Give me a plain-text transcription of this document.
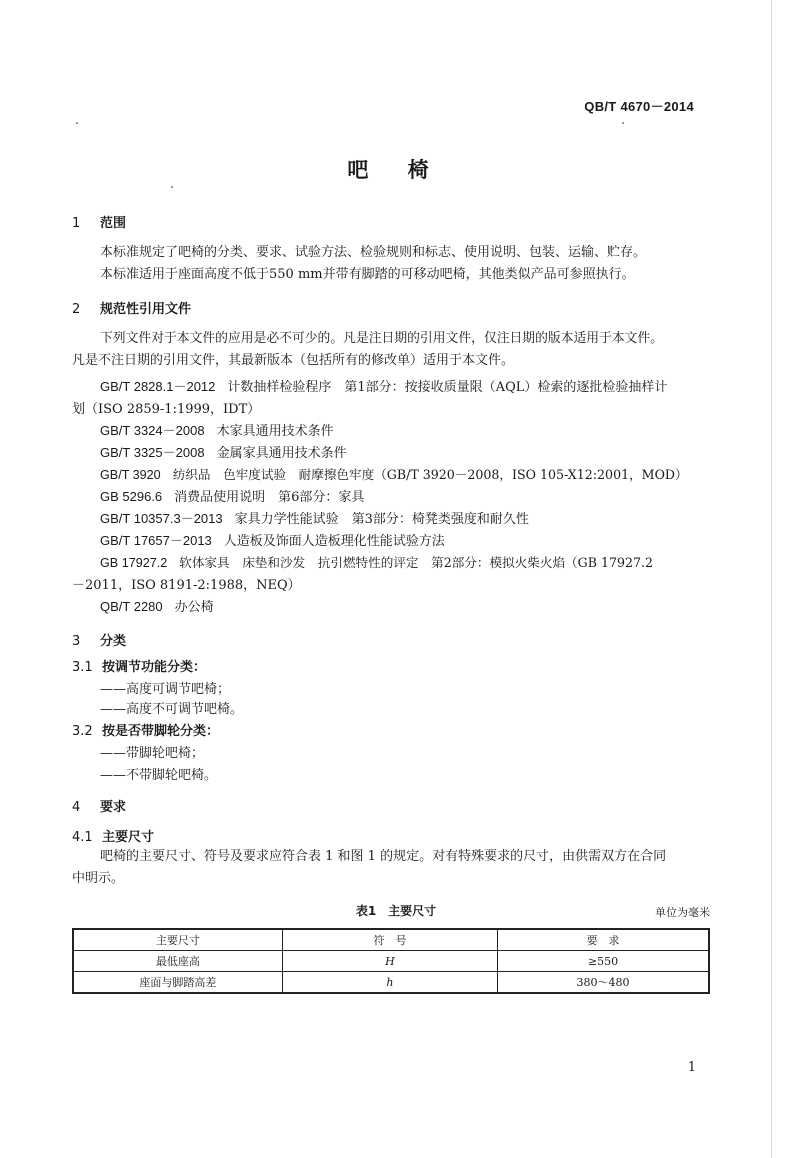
QB/T 4670－2014
吧 椅
1 范围
本标准规定了吧椅的分类、要求、试验方法、检验规则和标志、使用说明、包装、运输、贮存。
本标准适用于座面高度不低于550 mm并带有脚踏的可移动吧椅，其他类似产品可参照执行。
2 规范性引用文件
下列文件对于本文件的应用是必不可少的。凡是注日期的引用文件，仅注日期的版本适用于本文件。
凡是不注日期的引用文件，其最新版本（包括所有的修改单）适用于本文件。
GB/T 2828.1－2012 计数抽样检验程序　第1部分：按接收质量限（AQL）检索的逐批检验抽样计
划（ISO 2859-1:1999，IDT）
GB/T 3324－2008 木家具通用技术条件
GB/T 3325－2008 金属家具通用技术条件
GB/T 3920 纺织品　色牢度试验　耐摩擦色牢度（GB/T 3920－2008，ISO 105-X12:2001，MOD）
GB 5296.6 消费品使用说明　第6部分：家具
GB/T 10357.3－2013 家具力学性能试验　第3部分：椅凳类强度和耐久性
GB/T 17657－2013 人造板及饰面人造板理化性能试验方法
GB 17927.2 软体家具　床垫和沙发　抗引燃特性的评定　第2部分：模拟火柴火焰（GB 17927.2
－2011，ISO 8191-2:1988，NEQ）
QB/T 2280 办公椅
3 分类
3.1 按调节功能分类：
——高度可调节吧椅；
——高度不可调节吧椅。
3.2 按是否带脚轮分类：
——带脚轮吧椅；
——不带脚轮吧椅。
4 要求
4.1 主要尺寸
吧椅的主要尺寸、符号及要求应符合表 1 和图 1 的规定。对有特殊要求的尺寸，由供需双方在合同
中明示。
表1　主要尺寸	单位为毫米
主要尺寸	符　号	要　求
最低座高	H	≥550
座面与脚踏高差	h	380～480
1
